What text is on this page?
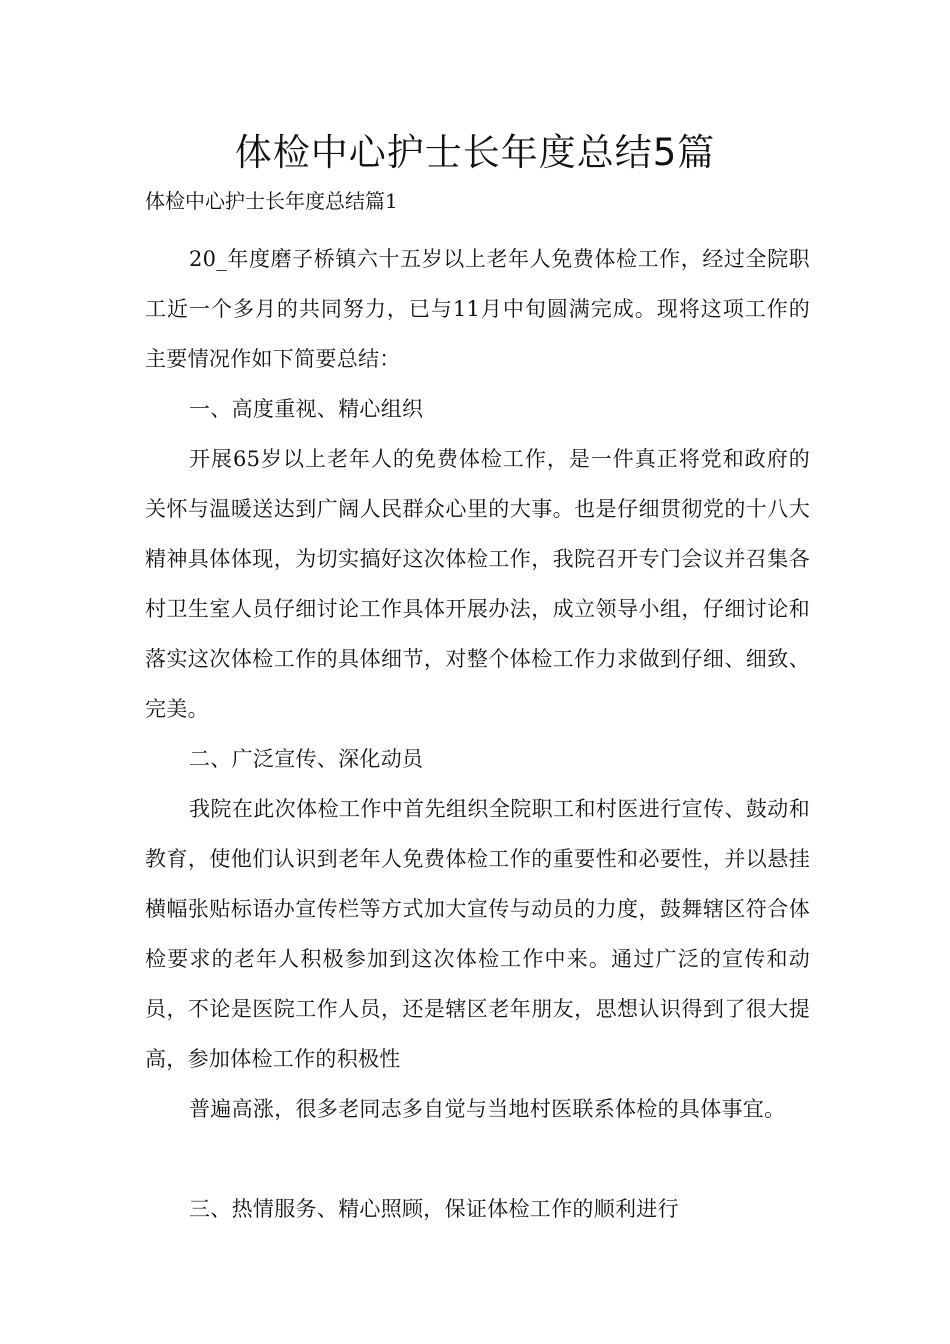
体检中心护士长年度总结5篇

体检中心护士长年度总结篇1

20_年度磨子桥镇六十五岁以上老年人免费体检工作，经过全院职工近一个多月的共同努力，已与11月中旬圆满完成。现将这项工作的主要情况作如下简要总结：

一、高度重视、精心组织

开展65岁以上老年人的免费体检工作，是一件真正将党和政府的关怀与温暖送达到广阔人民群众心里的大事。也是仔细贯彻党的十八大精神具体体现，为切实搞好这次体检工作，我院召开专门会议并召集各村卫生室人员仔细讨论工作具体开展办法，成立领导小组，仔细讨论和落实这次体检工作的具体细节，对整个体检工作力求做到仔细、细致、完美。

二、广泛宣传、深化动员

我院在此次体检工作中首先组织全院职工和村医进行宣传、鼓动和教育，使他们认识到老年人免费体检工作的重要性和必要性，并以悬挂横幅张贴标语办宣传栏等方式加大宣传与动员的力度，鼓舞辖区符合体检要求的老年人积极参加到这次体检工作中来。通过广泛的宣传和动员，不论是医院工作人员，还是辖区老年朋友，思想认识得到了很大提高，参加体检工作的积极性

普遍高涨，很多老同志多自觉与当地村医联系体检的具体事宜。

三、热情服务、精心照顾，保证体检工作的顺利进行
